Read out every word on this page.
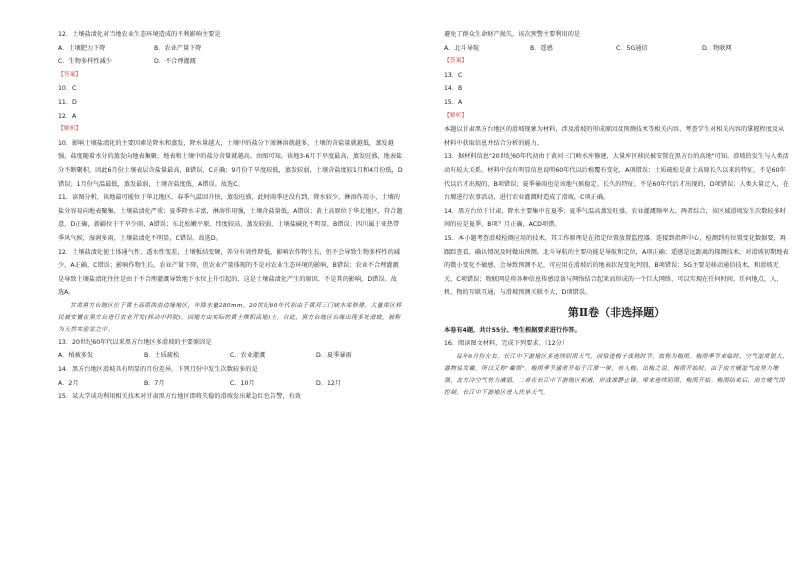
12．土壤盐渍化对当地农业生态环境造成的不利影响主要是
A．土壤肥力下降	B．农业产量下降
C．生物多样性减少	D．不合理灌溉
【答案】
10．C
11．D
12．A
【解析】
10．影响土壤盐渍化的主要因素是降水和蒸发，降水量越大，土壤中的盐分下渗淋溶就越多，土壤的含盐量就越低，蒸发越强，盐度随着水分的蒸发向地表集聚，地表和土壤中的盐分含量就越高。由图可知，该地3-6月干旱度最高，蒸发旺盛，地表盐分不断聚积，因此6月份土壤表层含盐量最高，B错误，C正确；9月份干旱度较低，蒸发较弱，土壤含盐度较1月和4月份低，D错误；1月份气温最低，蒸发最弱，土壤含盐度低，A错误。故选C。
11．读图分析，该地最可能位于华北地区，春季气温回升快，蒸发旺盛，此时雨季还没有到，降水较少，淋溶作用小，土壤的盐分容易向地表聚集，土壤盐渍化严重；夏季降水丰富，淋溶作用强，土壤含盐量低。A错误；黄土高原位于华北地区，符合题意，D正确，新疆位于干旱少雨，A错误；东北松嫩平原，纬度较高，蒸发较弱，土壤盐碱化不明显，B错误；四川属于亚热带季风气候，湿润多雨，土壤盐渍化不明显，C错误。故选D。
12．土壤盐渍化使土体通气性、透水性变差，土壤板结变硬，养分有效性降低，影响农作物生长，但不会导致生物多样性的减少，A正确、C错误；影响作物生长，农业产量下降，但农业产量体现的不是对农业生态环境的影响，B错误；农业不合理灌溉是导致土壤盐渍化往往是由于不合理灌溉导致地下水位上升引起的，这是土壤盐渍化产生的原因，不是其的影响，D错误。故选A。
甘肃黑方台地区位于黄土高原西南边缘地区，年降水量280mm。20世纪60年代初由于黄河三门峡水库修建，大量库区移民被安置在黑方台进行农业开发(移动中科院)。因地方由实际的黄土堆积高地)上。自此，黑方台地区台缘出现多处滑坡，被称为天然实验室之中。
13．20世纪60年代以来黑方台地区多滑坡的主要原因是
A．植被多发	B．土质疏松	C．农业灌溉	D．夏季暴雨
14．黑方台地区滑坡具有明显的月份差异，下列月份中发生次数较多的是
A．2月	B．7月	C．10月	D．12月
15．某大学成功利用相关技术对甘肃黑方台地区即将失稳的滑坡发出紧急红色告警，有效
避免了群众生命财产损失，该次预警主要利用的是
A．北斗导航	B．遥感	C．5G通信	D．物联网
【答案】
13．C
14．B
15．A
【解析】
本题以甘肃黑方台地区的滑坡现象为材料，涉及滑坡的形成原因及预测技术等相关内容，考查学生对相关内容的掌握程度及从材料中获取信息并结合分析的能力。
13．据材料信息"20世纪60年代初由于黄河三门峡水库修建，大量库区移民被安置在黑方台的高地"可知，滑坡的发生与人类活动有较大关系。材料中没有明显信息说明60年代以后植覆有变化，A项错误；土质疏松是黄土高原长久以来的特征，不是60年代以后才出现的，B项错误；夏季暴雨也是该地气候稳定、长久的特征，不是60年代后才出现的，D项错误；人类大量迁入，在台塬进行农事活动，进行农业灌溉时造成了滑坡，C项正确。
14．黑方台位于甘肃，降水主要集中在夏季；夏季气温高蒸发旺盛，农业灌溉频率大。两者综合，该区域滑坡发生次数较多时间的应是夏季，B项？月正确，ACD项错。
15．本小题考查滑坡检测应用的技术，其工作原理是在指定位置放置监控器，连接到指挥中心，检测到有位置变化数据要，再跟踪查看，确认情况及时做出预测。北斗导航的主要功能是导航和定位，A项正确；遥感是远距离的探测技术，对滑坡初期地表的微小变化不敏感，会导致预测不足，可应用在滑坡后的地表状况变化判别，B项错误；5G主要是移动通信技术，和滑坡无关，C项错误；物联网是将各种信息传感设备与网络结合起来而形成的一个巨大网络，可以实现在任何时间、任何地点，人、机、物的互联互通，与滑坡预测关联不大，D项错误。
第Ⅱ卷（非选择题）
本卷有4题，共计55分。考生根据要求进行作答。
16．阅读图文材料，完成下列要求。（12分）
每年6月份左右，长江中下游地区多连续阴雨天气，因恰逢梅子成熟时节，故称为梅雨。梅雨季节来临时，空气湿度很大，器物易发霉，所以又称"霉雨"。梅雨季节通常开始于江淮一带，有入梅、出梅之说。梅雨开始时，由于南方暖湿气流势力增强，北方冷空气势力减弱，二者在长江中下游地区相遇，形成准静止锋，带来连续阴雨，梅雨开始。梅雨结束后，南方暖气团控制，长江中下游地区进入伏旱天气。
